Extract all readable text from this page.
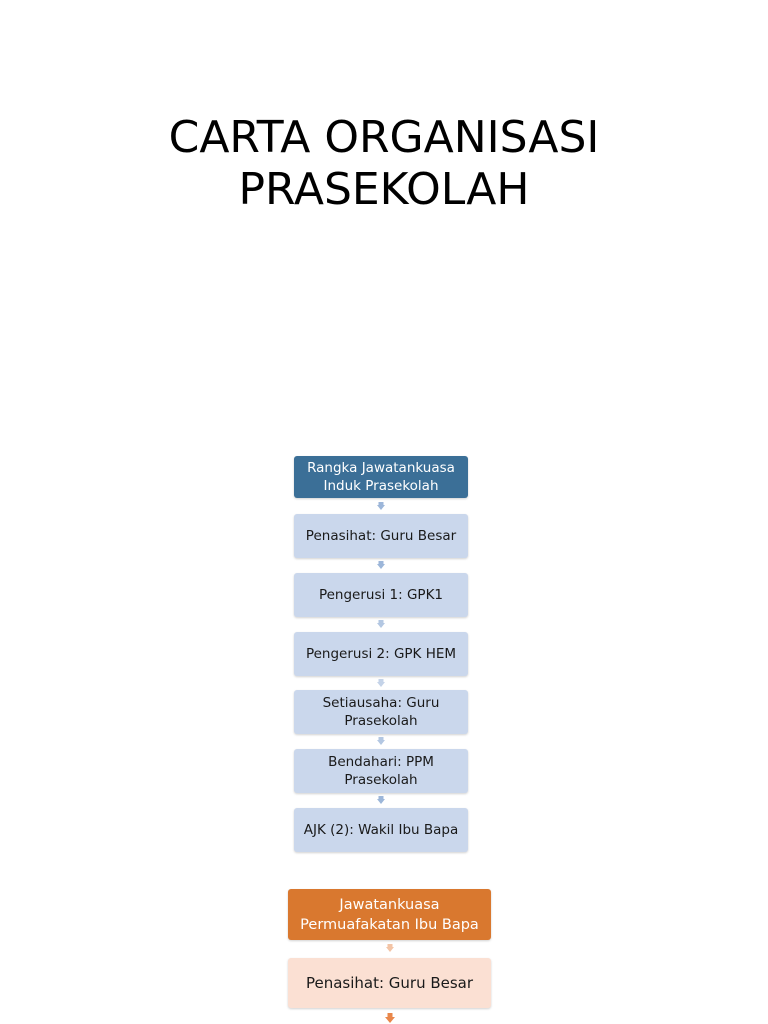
CARTA ORGANISASI
PRASEKOLAH
Rangka Jawatankuasa Induk Prasekolah
Penasihat: Guru Besar
Pengerusi 1: GPK1
Pengerusi 2: GPK HEM
Setiausaha: Guru Prasekolah
Bendahari: PPM Prasekolah
AJK (2): Wakil Ibu Bapa
Jawatankuasa Permuafakatan Ibu Bapa
Penasihat: Guru Besar
